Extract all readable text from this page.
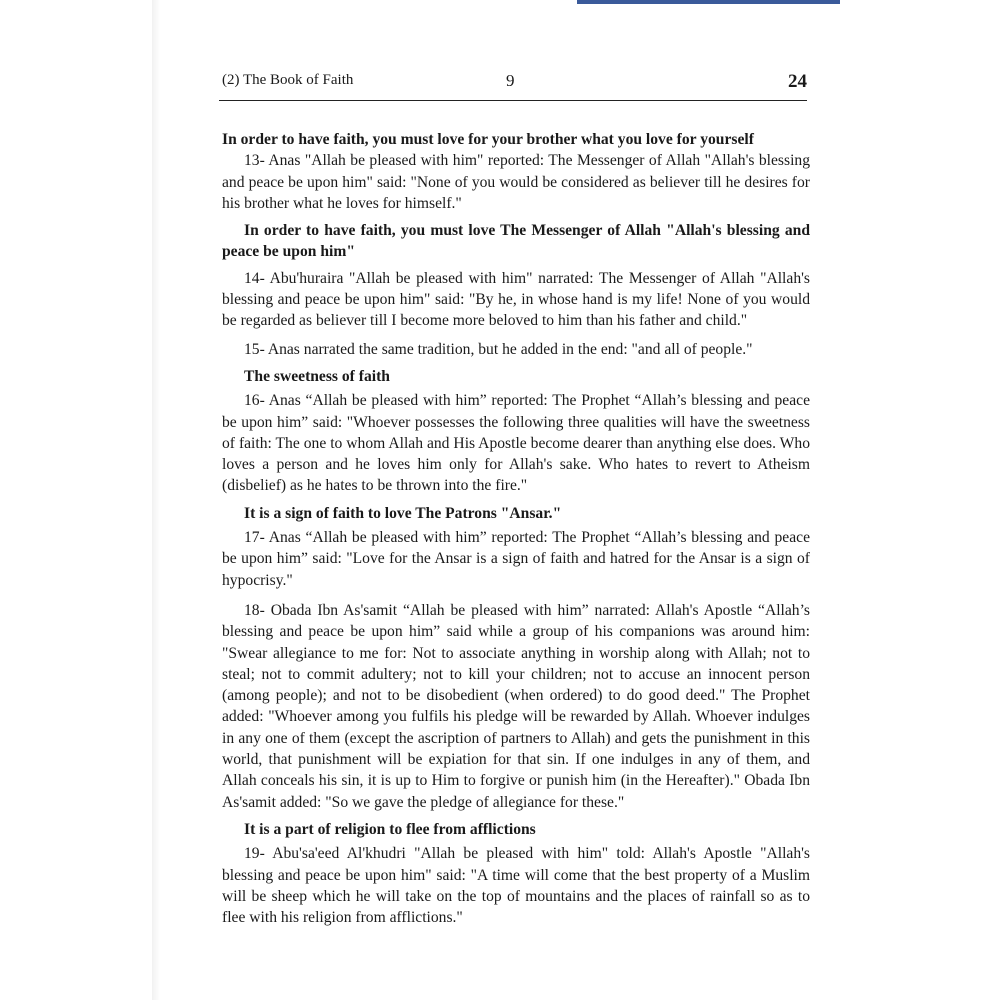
(2) The Book of Faith	9	24

In order to have faith, you must love for your brother what you love for yourself

13- Anas "Allah be pleased with him" reported: The Messenger of Allah "Allah's blessing and peace be upon him" said: "None of you would be considered as believer till he desires for his brother what he loves for himself."

In order to have faith, you must love The Messenger of Allah "Allah's blessing and peace be upon him"

14- Abu'huraira "Allah be pleased with him" narrated: The Messenger of Allah "Allah's blessing and peace be upon him" said: "By he, in whose hand is my life! None of you would be regarded as believer till I become more beloved to him than his father and child."

15- Anas narrated the same tradition, but he added in the end: "and all of people."

The sweetness of faith

16- Anas “Allah be pleased with him” reported: The Prophet “Allah’s blessing and peace be upon him” said: "Whoever possesses the following three qualities will have the sweetness of faith: The one to whom Allah and His Apostle become dearer than anything else does. Who loves a person and he loves him only for Allah's sake. Who hates to revert to Atheism (disbelief) as he hates to be thrown into the fire."

It is a sign of faith to love The Patrons "Ansar."

17- Anas “Allah be pleased with him” reported: The Prophet “Allah’s blessing and peace be upon him” said: "Love for the Ansar is a sign of faith and hatred for the Ansar is a sign of hypocrisy."

18- Obada Ibn As'samit “Allah be pleased with him” narrated: Allah's Apostle “Allah’s blessing and peace be upon him” said while a group of his companions was around him: "Swear allegiance to me for: Not to associate anything in worship along with Allah; not to steal; not to commit adultery; not to kill your children; not to accuse an innocent person (among people); and not to be disobedient (when ordered) to do good deed." The Prophet added: "Whoever among you fulfils his pledge will be rewarded by Allah. Whoever indulges in any one of them (except the ascription of partners to Allah) and gets the punishment in this world, that punishment will be expiation for that sin. If one indulges in any of them, and Allah conceals his sin, it is up to Him to forgive or punish him (in the Hereafter)." Obada Ibn As'samit added: "So we gave the pledge of allegiance for these."

It is a part of religion to flee from afflictions

19- Abu'sa'eed Al'khudri "Allah be pleased with him" told: Allah's Apostle "Allah's blessing and peace be upon him" said: "A time will come that the best property of a Muslim will be sheep which he will take on the top of mountains and the places of rainfall so as to flee with his religion from afflictions."
